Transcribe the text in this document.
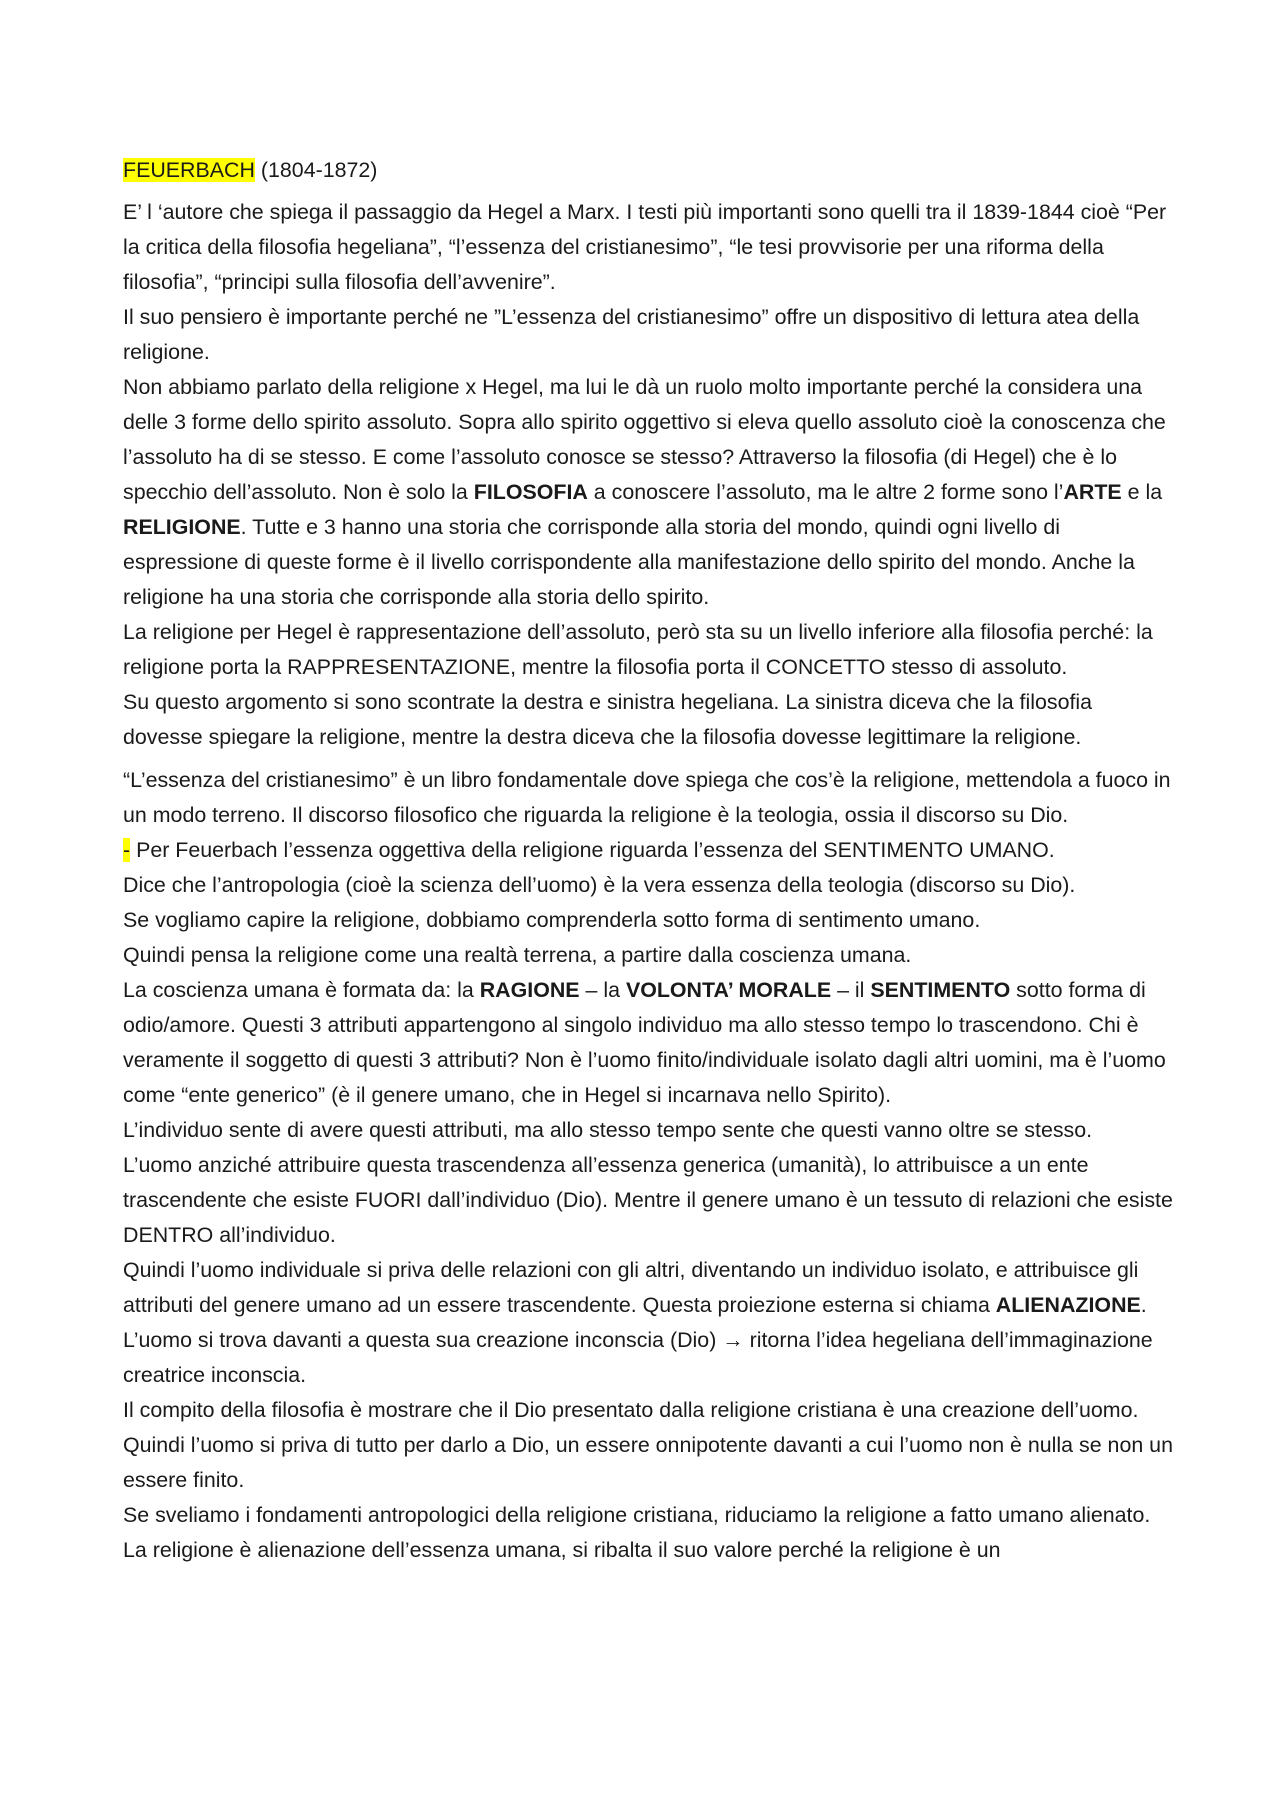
FEUERBACH (1804-1872)

E’ l ‘autore che spiega il passaggio da Hegel a Marx. I testi più importanti sono quelli tra il 1839-1844 cioè “Per la critica della filosofia hegeliana”, “l’essenza del cristianesimo”, “le tesi provvisorie per una riforma della filosofia”, “principi sulla filosofia dell’avvenire”.

Il suo pensiero è importante perché ne ”L’essenza del cristianesimo” offre un dispositivo di lettura atea della religione.

Non abbiamo parlato della religione x Hegel, ma lui le dà un ruolo molto importante perché la considera una delle 3 forme dello spirito assoluto. Sopra allo spirito oggettivo si eleva quello assoluto cioè la conoscenza che l’assoluto ha di se stesso. E come l’assoluto conosce se stesso? Attraverso la filosofia (di Hegel) che è lo specchio dell’assoluto. Non è solo la FILOSOFIA a conoscere l’assoluto, ma le altre 2 forme sono l’ARTE e la RELIGIONE. Tutte e 3 hanno una storia che corrisponde alla storia del mondo, quindi ogni livello di espressione di queste forme è il livello corrispondente alla manifestazione dello spirito del mondo. Anche la religione ha una storia che corrisponde alla storia dello spirito.

La religione per Hegel è rappresentazione dell’assoluto, però sta su un livello inferiore alla filosofia perché: la religione porta la RAPPRESENTAZIONE, mentre la filosofia porta il CONCETTO stesso di assoluto.

Su questo argomento si sono scontrate la destra e sinistra hegeliana. La sinistra diceva che la filosofia dovesse spiegare la religione, mentre la destra diceva che la filosofia dovesse legittimare la religione.

“L’essenza del cristianesimo” è un libro fondamentale dove spiega che cos’è la religione, mettendola a fuoco in un modo terreno. Il discorso filosofico che riguarda la religione è la teologia, ossia il discorso su Dio.

- Per Feuerbach l’essenza oggettiva della religione riguarda l’essenza del SENTIMENTO UMANO.

Dice che l’antropologia (cioè la scienza dell’uomo) è la vera essenza della teologia (discorso su Dio).

Se vogliamo capire la religione, dobbiamo comprenderla sotto forma di sentimento umano.

Quindi pensa la religione come una realtà terrena, a partire dalla coscienza umana.

La coscienza umana è formata da: la RAGIONE – la VOLONTA’ MORALE – il SENTIMENTO sotto forma di odio/amore. Questi 3 attributi appartengono al singolo individuo ma allo stesso tempo lo trascendono. Chi è veramente il soggetto di questi 3 attributi? Non è l’uomo finito/individuale isolato dagli altri uomini, ma è l’uomo come “ente generico” (è il genere umano, che in Hegel si incarnava nello Spirito).

L’individuo sente di avere questi attributi, ma allo stesso tempo sente che questi vanno oltre se stesso.

L’uomo anziché attribuire questa trascendenza all’essenza generica (umanità), lo attribuisce a un ente trascendente che esiste FUORI dall’individuo (Dio). Mentre il genere umano è un tessuto di relazioni che esiste DENTRO all’individuo.

Quindi l’uomo individuale si priva delle relazioni con gli altri, diventando un individuo isolato, e attribuisce gli attributi del genere umano ad un essere trascendente. Questa proiezione esterna si chiama ALIENAZIONE. L’uomo si trova davanti a questa sua creazione inconscia (Dio) → ritorna l’idea hegeliana dell’immaginazione creatrice inconscia.

Il compito della filosofia è mostrare che il Dio presentato dalla religione cristiana è una creazione dell’uomo. Quindi l’uomo si priva di tutto per darlo a Dio, un essere onnipotente davanti a cui l’uomo non è nulla se non un essere finito.

Se sveliamo i fondamenti antropologici della religione cristiana, riduciamo la religione a fatto umano alienato. La religione è alienazione dell’essenza umana, si ribalta il suo valore perché la religione è un
